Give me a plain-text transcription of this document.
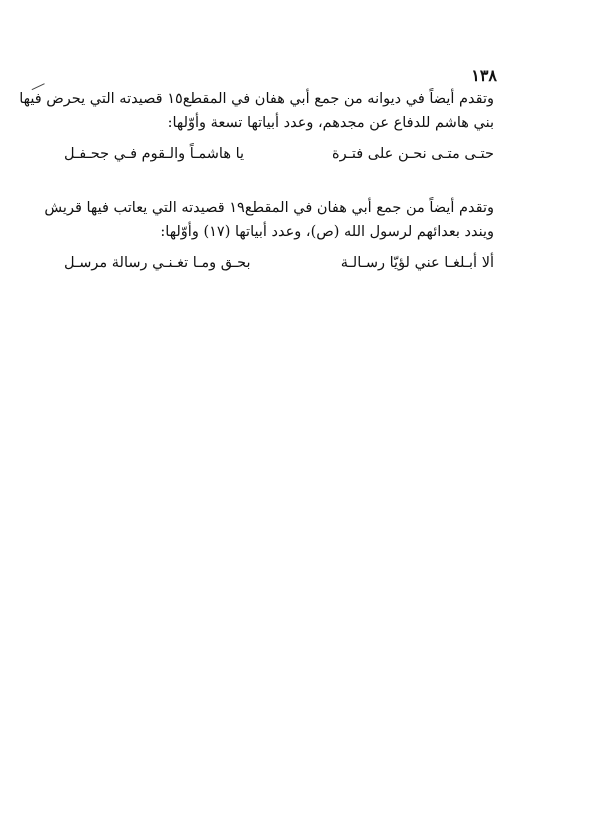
١٣٨
وتقدم أيضاً في ديوانه من جمع أبي هفان في المقطع١٥ قصيدته التي يحرض فيها
بني هاشم للدفاع عن مجدهم، وعدد أبياتها تسعة وأوّلها:
حتـى متـى نحـن على فتـرة
يا هاشمـاً والـقوم فـي جحـفـل
وتقدم أيضاً من جمع أبي هفان في المقطع١٩ قصيدته التي يعاتب فيها قريش
ويندد بعدائهم لرسول الله (ص)، وعدد أبياتها (١٧) وأوّلها:
ألا أبـلغـا عني لؤيّا رسـالـة
بحـق ومـا تغـنـي رسالة مرسـل
